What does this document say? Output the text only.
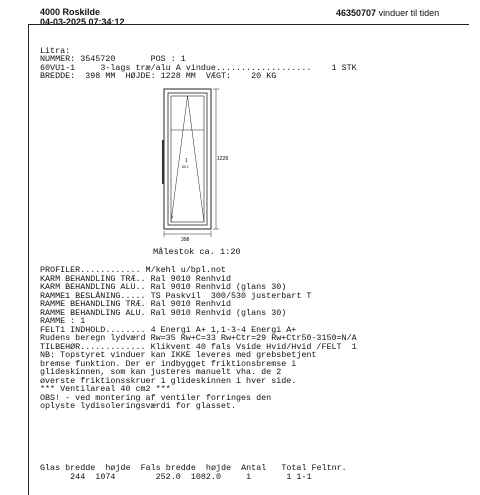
4000 Roskilde
04-03-2025 07:34:12
46350707 vinduer til tiden

Litra:
NUMMER: 3545720	POS : 1
60VU1-1	3-lags træ/alu A vindue................... 1 STK
BREDDE: 398 MM HØJDE: 1228 MM VÆGT: 20 KG

1
60.1
1
1228
398
Målestok ca. 1:20
PROFILER............ M/kehl u/bpl.not
KARM BEHANDLING TRÆ.. Ral 9010 Renhvid
KARM BEHANDLING ALU.. Ral 9010 Renhvid (glans 30)
RAMME1 BESLÅNING..... TS Paskvil  300/530 justerbart T
RAMME BEHANDLING TRÆ. Ral 9010 Renhvid
RAMME BEHANDLING ALU. Ral 9010 Renhvid (glans 30)
RAMME : 1
FELT1 INDHOLD........ 4 Energi A+ 1,1-3-4 Energi A+
Rudens beregn lydværd Rw=35 Rw+C=33 Rw+Ctr=29 Rw+Ctr50-3150=N/A
TILBEHØR............. Klikvent 40 fals Vside Hvid/Hvid /FELT  1
NB: Topstyret vinduer kan IKKE leveres med grebsbetjent
bremse funktion. Der er indbygget friktionsbremse i
glideskinnen, som kan justeres manuelt vha. de 2
øverste friktionsskruer i glideskinnen i hver side.
*** Ventilareal 40 cm2 ***
OBS! - ved montering af ventiler forringes den
oplyste lydisoleringsværdi for glasset.

Glas bredde højde Fals bredde højde Antal Total Feltnr.
244 1074	252.0 1082.0	1	1 1-1
